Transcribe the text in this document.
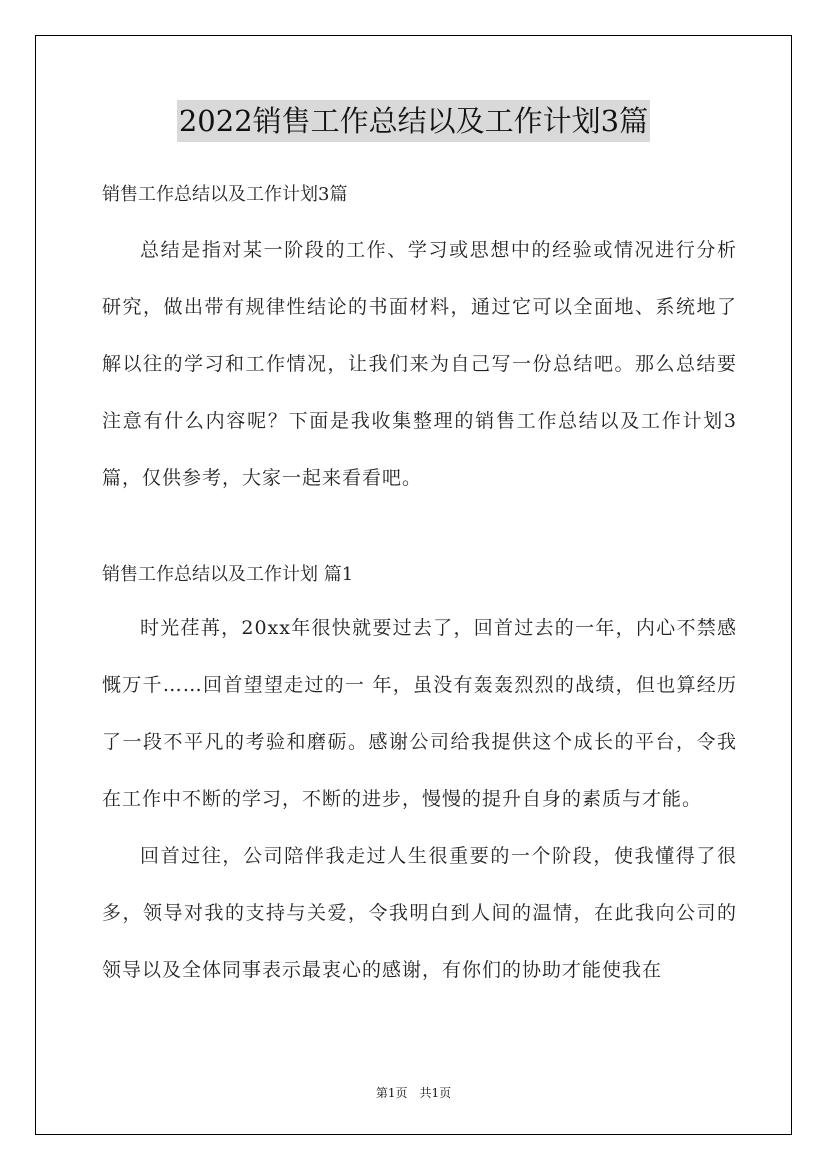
2022销售工作总结以及工作计划3篇
销售工作总结以及工作计划3篇

总结是指对某一阶段的工作、学习或思想中的经验或情况进行分析研究，做出带有规律性结论的书面材料，通过它可以全面地、系统地了解以往的学习和工作情况，让我们来为自己写一份总结吧。那么总结要注意有什么内容呢？下面是我收集整理的销售工作总结以及工作计划3篇，仅供参考，大家一起来看看吧。

销售工作总结以及工作计划 篇1

时光荏苒，20xx年很快就要过去了，回首过去的一年，内心不禁感慨万千……回首望望走过的一 年，虽没有轰轰烈烈的战绩，但也算经历了一段不平凡的考验和磨砺。感谢公司给我提供这个成长的平台，令我在工作中不断的学习，不断的进步，慢慢的提升自身的素质与才能。

回首过往，公司陪伴我走过人生很重要的一个阶段，使我懂得了很多，领导对我的支持与关爱，令我明白到人间的温情，在此我向公司的领导以及全体同事表示最衷心的感谢，有你们的协助才能使我在

第1页　共1页
